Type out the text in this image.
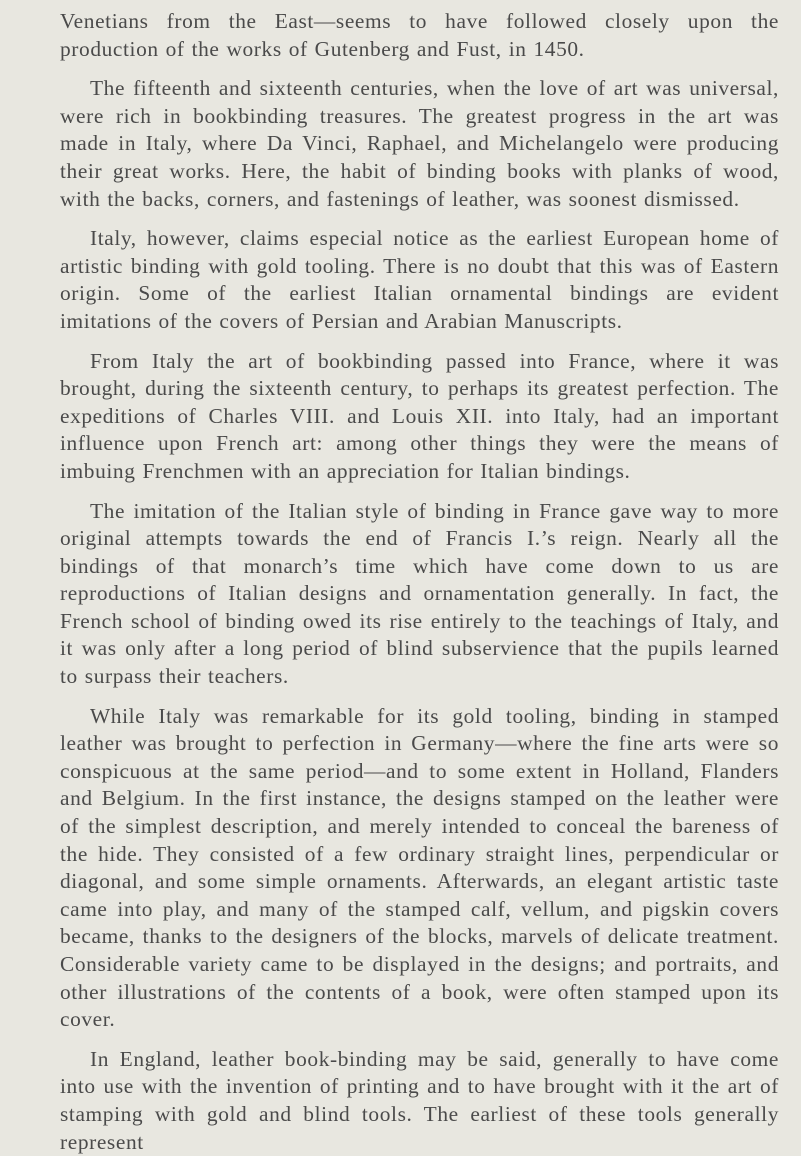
Venetians from the East—seems to have followed closely upon the production of the works of Gutenberg and Fust, in 1450.

The fifteenth and sixteenth centuries, when the love of art was universal, were rich in bookbinding treasures. The greatest progress in the art was made in Italy, where Da Vinci, Raphael, and Michelangelo were producing their great works. Here, the habit of binding books with planks of wood, with the backs, corners, and fastenings of leather, was soonest dismissed.

Italy, however, claims especial notice as the earliest European home of artistic binding with gold tooling. There is no doubt that this was of Eastern origin. Some of the earliest Italian ornamental bindings are evident imitations of the covers of Persian and Arabian Manuscripts.

From Italy the art of bookbinding passed into France, where it was brought, during the sixteenth century, to perhaps its greatest perfection. The expeditions of Charles VIII. and Louis XII. into Italy, had an important influence upon French art: among other things they were the means of imbuing Frenchmen with an appreciation for Italian bindings.

The imitation of the Italian style of binding in France gave way to more original attempts towards the end of Francis I.’s reign. Nearly all the bindings of that monarch’s time which have come down to us are reproductions of Italian designs and ornamentation generally. In fact, the French school of binding owed its rise entirely to the teachings of Italy, and it was only after a long period of blind subservience that the pupils learned to surpass their teachers.

While Italy was remarkable for its gold tooling, binding in stamped leather was brought to perfection in Germany—where the fine arts were so conspicuous at the same period—and to some extent in Holland, Flanders and Belgium. In the first instance, the designs stamped on the leather were of the simplest description, and merely intended to conceal the bareness of the hide. They consisted of a few ordinary straight lines, perpendicular or diagonal, and some simple ornaments. Afterwards, an elegant artistic taste came into play, and many of the stamped calf, vellum, and pigskin covers became, thanks to the designers of the blocks, marvels of delicate treatment. Considerable variety came to be displayed in the designs; and portraits, and other illustrations of the contents of a book, were often stamped upon its cover.

In England, leather book-binding may be said, generally to have come into use with the invention of printing and to have brought with it the art of stamping with gold and blind tools. The earliest of these tools generally represent
